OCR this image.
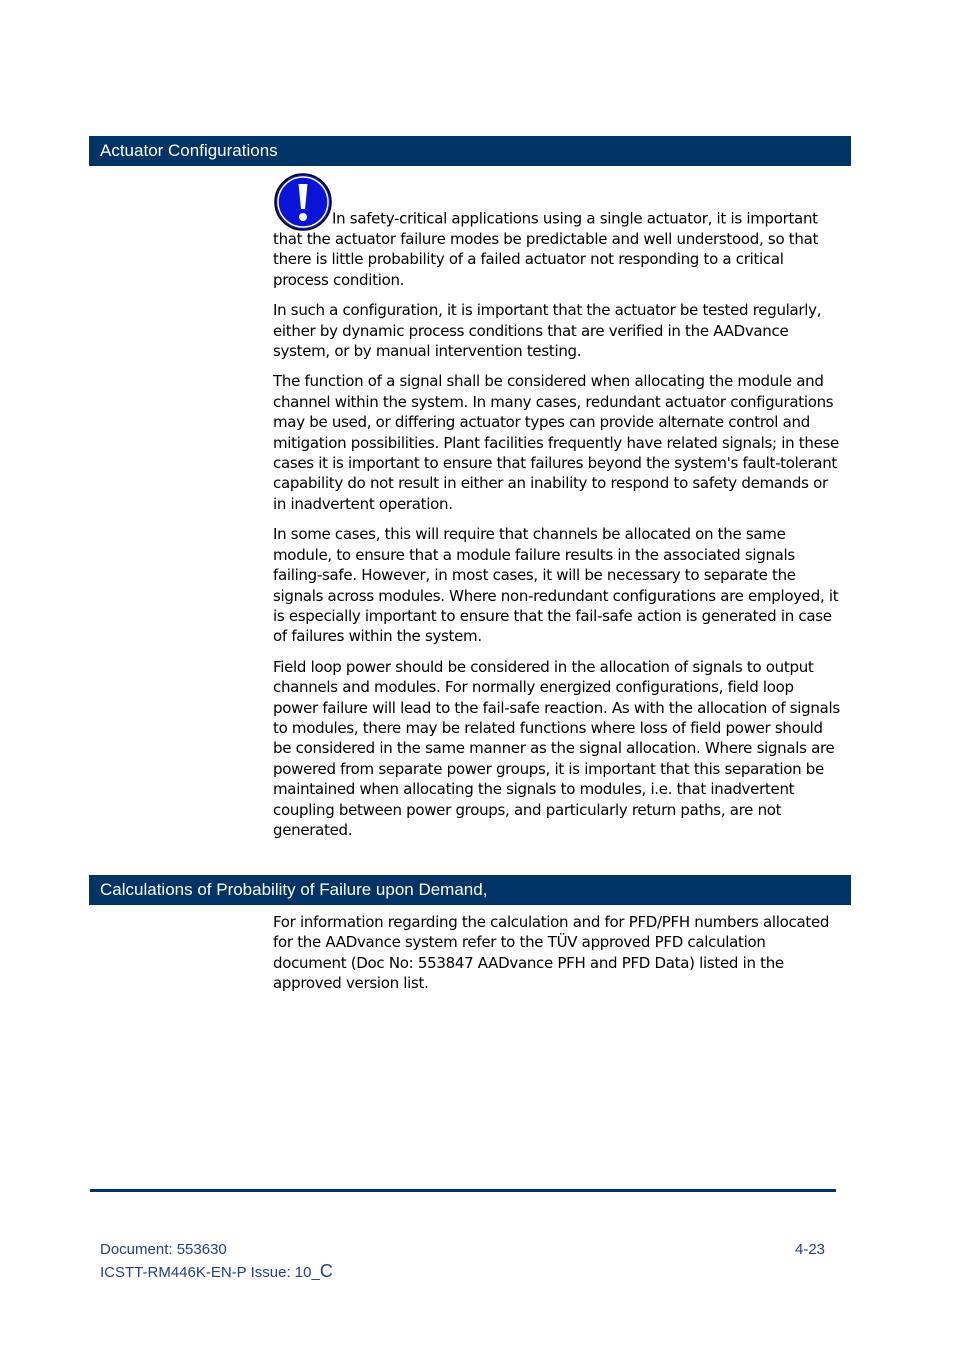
Actuator Configurations

In safety-critical applications using a single actuator, it is important that the actuator failure modes be predictable and well understood, so that there is little probability of a failed actuator not responding to a critical process condition.

In such a configuration, it is important that the actuator be tested regularly, either by dynamic process conditions that are verified in the AADvance system, or by manual intervention testing.

The function of a signal shall be considered when allocating the module and channel within the system. In many cases, redundant actuator configurations may be used, or differing actuator types can provide alternate control and mitigation possibilities. Plant facilities frequently have related signals; in these cases it is important to ensure that failures beyond the system's fault-tolerant capability do not result in either an inability to respond to safety demands or in inadvertent operation.

In some cases, this will require that channels be allocated on the same module, to ensure that a module failure results in the associated signals failing-safe. However, in most cases, it will be necessary to separate the signals across modules. Where non-redundant configurations are employed, it is especially important to ensure that the fail-safe action is generated in case of failures within the system.

Field loop power should be considered in the allocation of signals to output channels and modules. For normally energized configurations, field loop power failure will lead to the fail-safe reaction. As with the allocation of signals to modules, there may be related functions where loss of field power should be considered in the same manner as the signal allocation. Where signals are powered from separate power groups, it is important that this separation be maintained when allocating the signals to modules, i.e. that inadvertent coupling between power groups, and particularly return paths, are not generated.

Calculations of Probability of Failure upon Demand,

For information regarding the calculation and for PFD/PFH numbers allocated for the AADvance system refer to the TÜV approved PFD calculation document (Doc No: 553847 AADvance PFH and PFD Data) listed in the approved version list.

Document: 553630
ICSTT-RM446K-EN-P Issue: 10_C
4-23
